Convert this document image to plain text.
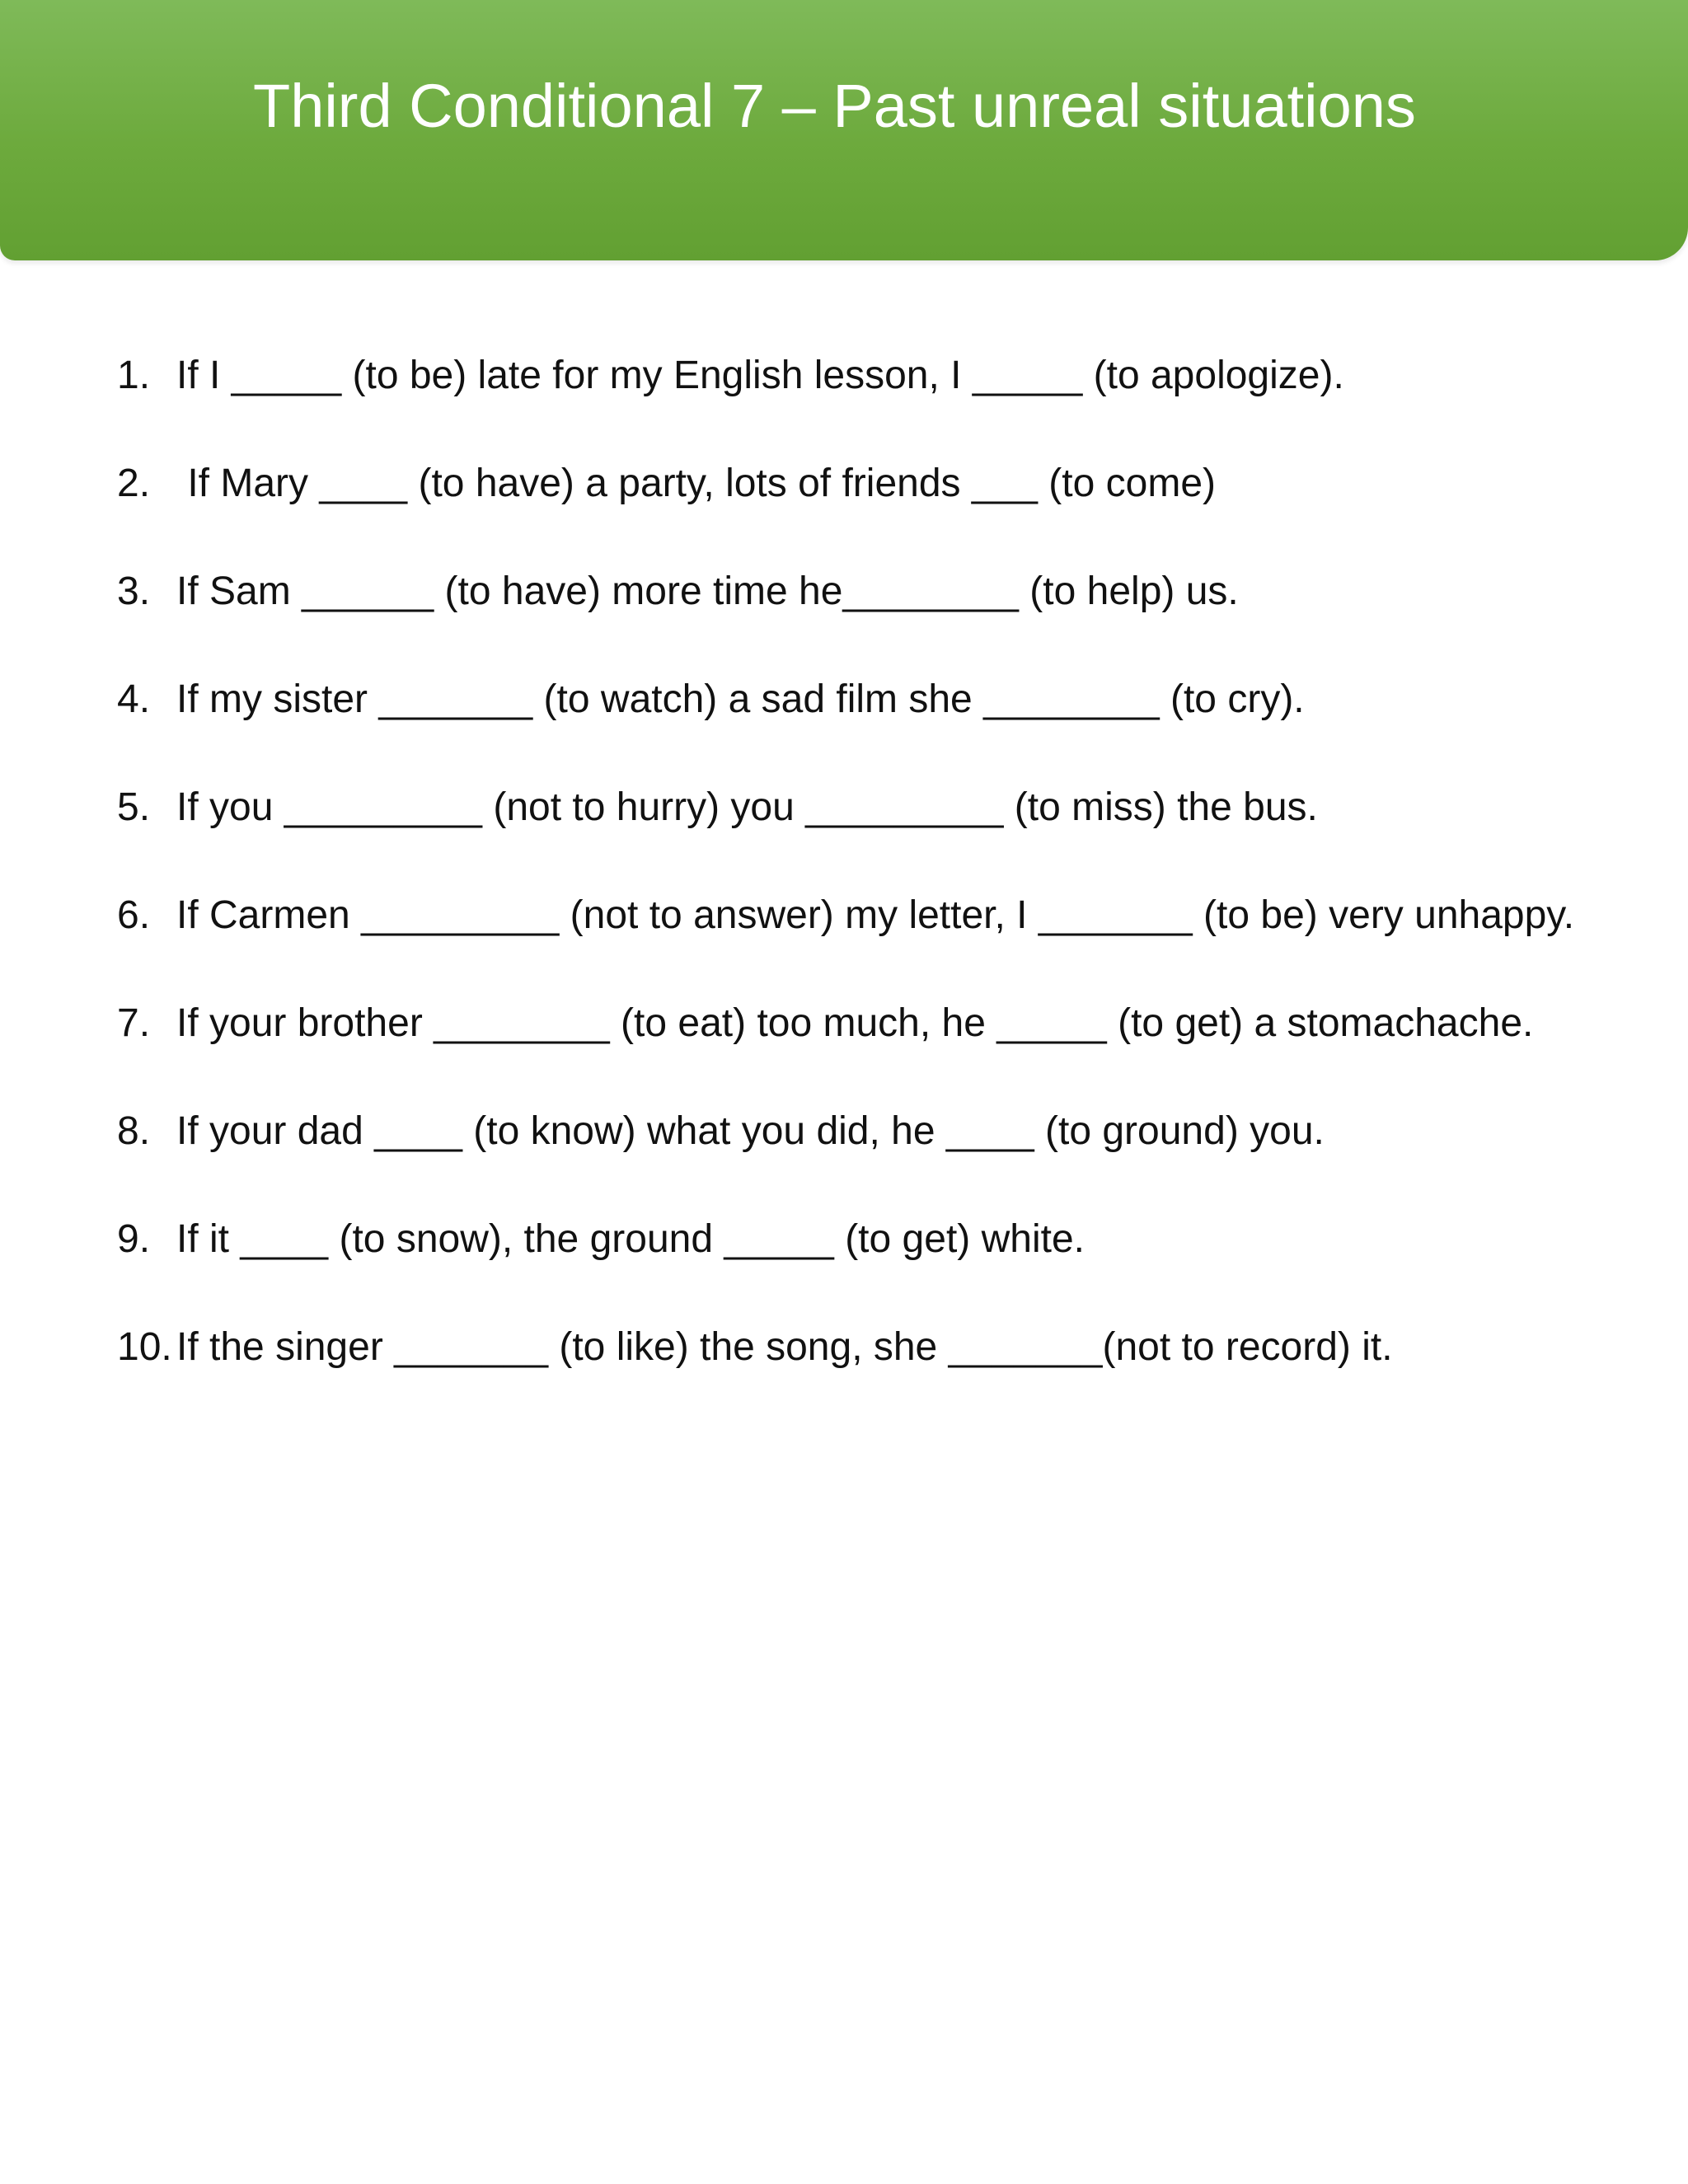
Third Conditional 7 – Past unreal situations
1. If I _____ (to be) late for my English lesson, I _____ (to apologize).
2. If Mary ____ (to have) a party, lots of friends ___ (to come)
3. If Sam ______ (to have) more time he________ (to help) us.
4. If my sister _______ (to watch) a sad film she ________ (to cry).
5. If you _________ (not to hurry) you _________ (to miss) the bus.
6. If Carmen _________ (not to answer) my letter, I _______ (to be) very unhappy.
7. If your brother ________ (to eat) too much, he _____ (to get) a stomachache.
8. If your dad ____ (to know) what you did, he ____ (to ground) you.
9. If it ____ (to snow), the ground _____ (to get) white.
10. If the singer _______ (to like) the song, she _______(not to record) it.
